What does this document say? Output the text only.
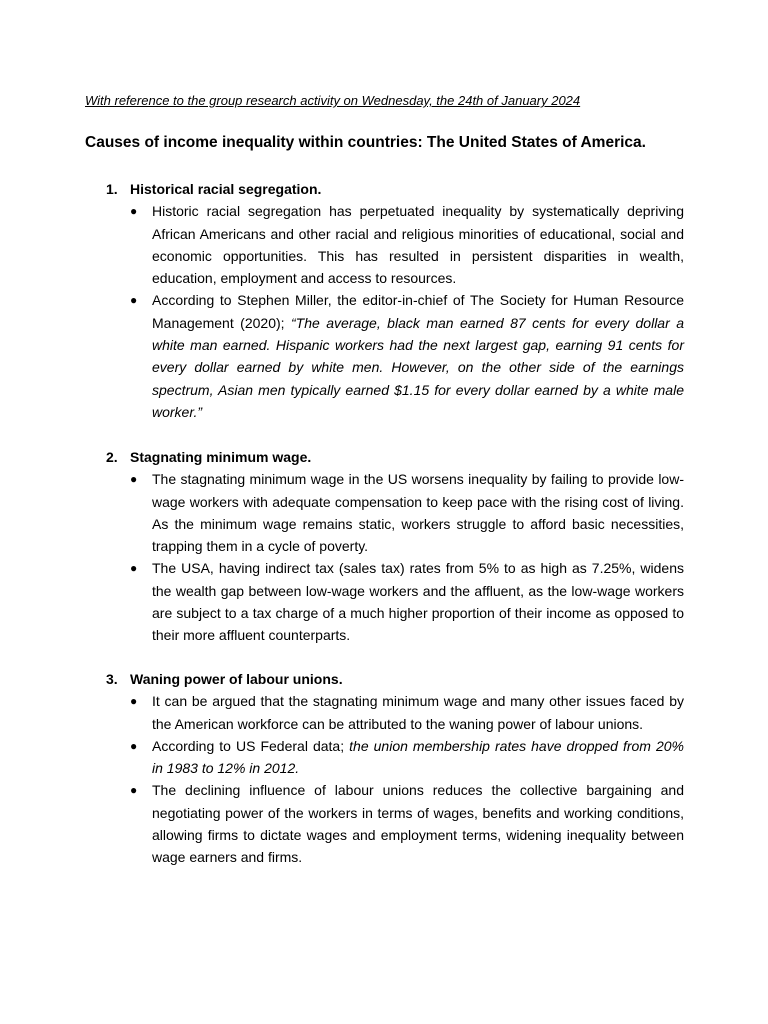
With reference to the group research activity on Wednesday, the 24th of January 2024
Causes of income inequality within countries: The United States of America.

1. Historical racial segregation.

●	Historic racial segregation has perpetuated inequality by systematically depriving African Americans and other racial and religious minorities of educational, social and economic opportunities. This has resulted in persistent disparities in wealth, education, employment and access to resources.
●	According to Stephen Miller, the editor-in-chief of The Society for Human Resource Management (2020); “The average, black man earned 87 cents for every dollar a white man earned. Hispanic workers had the next largest gap, earning 91 cents for every dollar earned by white men. However, on the other side of the earnings spectrum, Asian men typically earned $1.15 for every dollar earned by a white male worker.”

2. Stagnating minimum wage.

●	The stagnating minimum wage in the US worsens inequality by failing to provide low-wage workers with adequate compensation to keep pace with the rising cost of living. As the minimum wage remains static, workers struggle to afford basic necessities, trapping them in a cycle of poverty.
●	The USA, having indirect tax (sales tax) rates from 5% to as high as 7.25%, widens the wealth gap between low-wage workers and the affluent, as the low-wage workers are subject to a tax charge of a much higher proportion of their income as opposed to their more affluent counterparts.

3. Waning power of labour unions.

●	It can be argued that the stagnating minimum wage and many other issues faced by the American workforce can be attributed to the waning power of labour unions.
●	According to US Federal data; the union membership rates have dropped from 20% in 1983 to 12% in 2012.
●	The declining influence of labour unions reduces the collective bargaining and negotiating power of the workers in terms of wages, benefits and working conditions, allowing firms to dictate wages and employment terms, widening inequality between wage earners and firms.
